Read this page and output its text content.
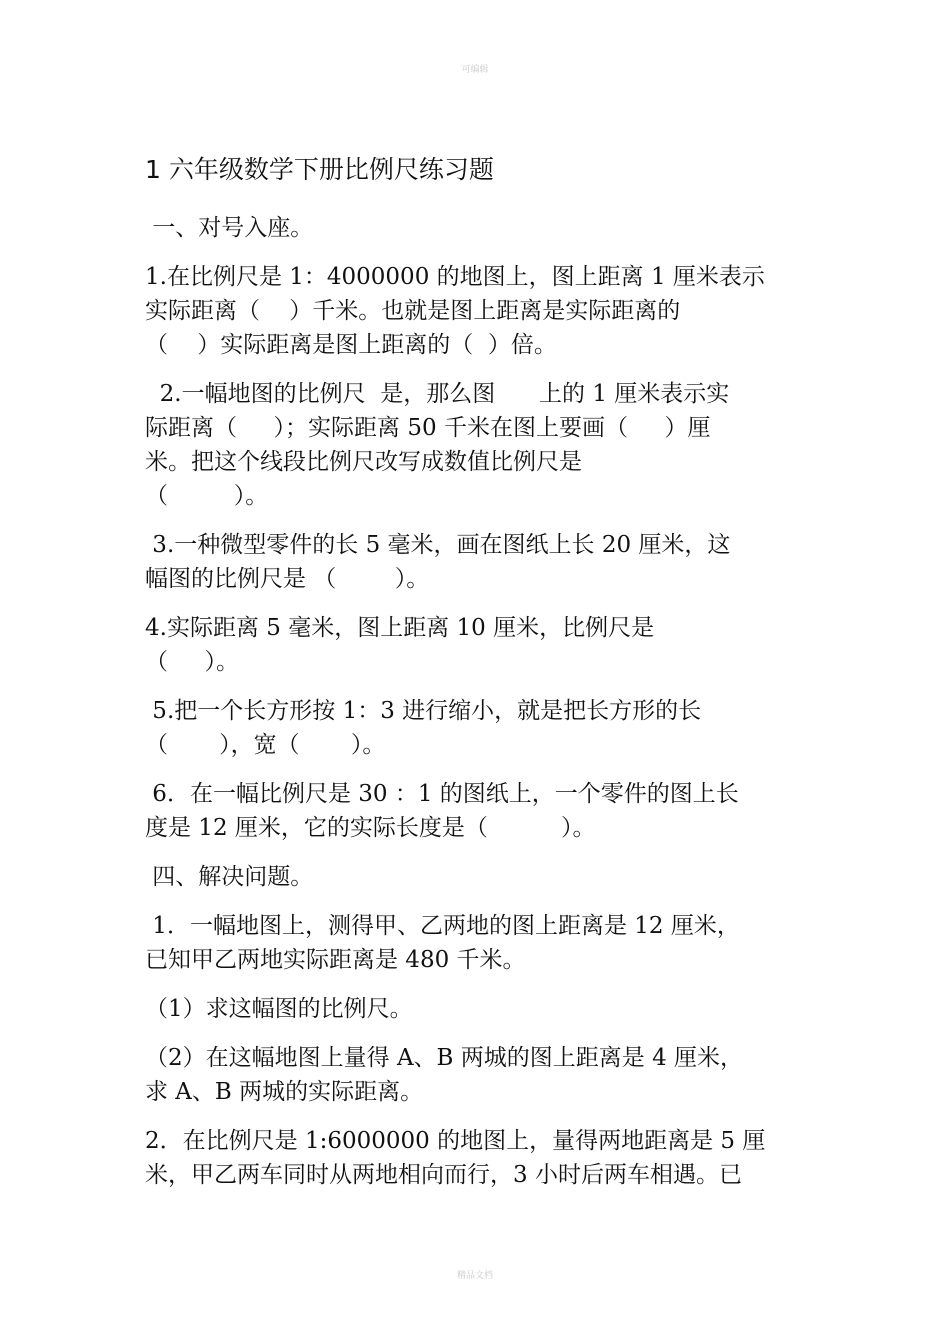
可编辑
1 六年级数学下册比例尺练习题
一、对号入座。
1.在比例尺是 1：4000000 的地图上，图上距离 1 厘米表示
实际距离（    ）千米。也就是图上距离是实际距离的
（    ）实际距离是图上距离的（  ）倍。
2.一幅地图的比例尺  是，那么图      上的 1 厘米表示实
际距离（     ）；实际距离 50 千米在图上要画（     ）厘
米。把这个线段比例尺改写成数值比例尺是
（         ）。
3.一种微型零件的长 5 毫米，画在图纸上长 20 厘米，这
幅图的比例尺是 （        ）。
4.实际距离 5 毫米，图上距离 10 厘米，比例尺是
（     ）。
5.把一个长方形按 1：3 进行缩小，就是把长方形的长
（       ），宽（       ）。
6．在一幅比例尺是 30 ：1 的图纸上，一个零件的图上长
度是 12 厘米，它的实际长度是（          ）。
四、解决问题。
1．一幅地图上，测得甲、乙两地的图上距离是 12 厘米，
已知甲乙两地实际距离是 480 千米。
（1）求这幅图的比例尺。
（2）在这幅地图上量得 A、B 两城的图上距离是 4 厘米，
求 A、B 两城的实际距离。
2．在比例尺是 1:6000000 的地图上，量得两地距离是 5 厘
米，甲乙两车同时从两地相向而行，3 小时后两车相遇。已
精品文档
